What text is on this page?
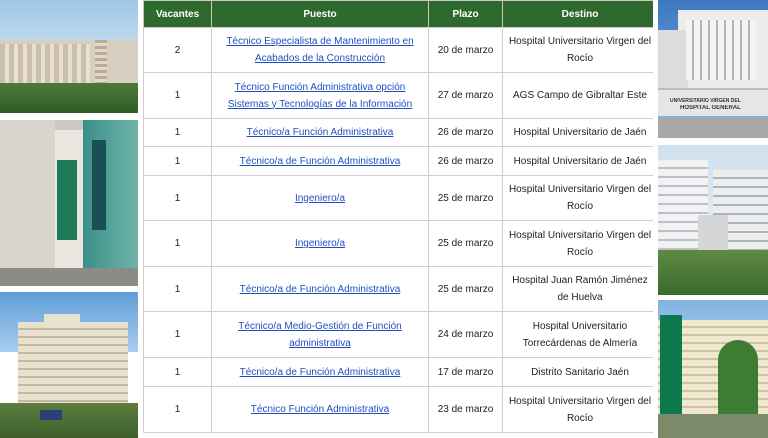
UNIVERSITARIO VIRGEN DEL
HOSPITAL GENERAL
Vacantes	Puesto	Plazo	Destino
2	Técnico Especialista de Mantenimiento en Acabados de la Construcción	20 de marzo	Hospital Universitario Virgen del Rocío
1	Técnico Función Administrativa opción Sistemas y Tecnologías de la Información	27 de marzo	AGS Campo de Gibraltar Este
1	Técnico/a Función Administrativa	26 de marzo	Hospital Universitario de Jaén
1	Técnico/a de Función Administrativa	26 de marzo	Hospital Universitario de Jaén
1	Ingeniero/a	25 de marzo	Hospital Universitario Virgen del Rocío
1	Ingeniero/a	25 de marzo	Hospital Universitario Virgen del Rocío
1	Técnico/a de Función Administrativa	25 de marzo	Hospital Juan Ramón Jiménez de Huelva
1	Técnico/a Medio-Gestión de Función administrativa	24 de marzo	Hospital Universitario Torrecárdenas de Almería
1	Técnico/a de Función Administrativa	17 de marzo	Distrito Sanitario Jaén
1	Técnico Función Administrativa	23 de marzo	Hospital Universitario Virgen del Rocío
